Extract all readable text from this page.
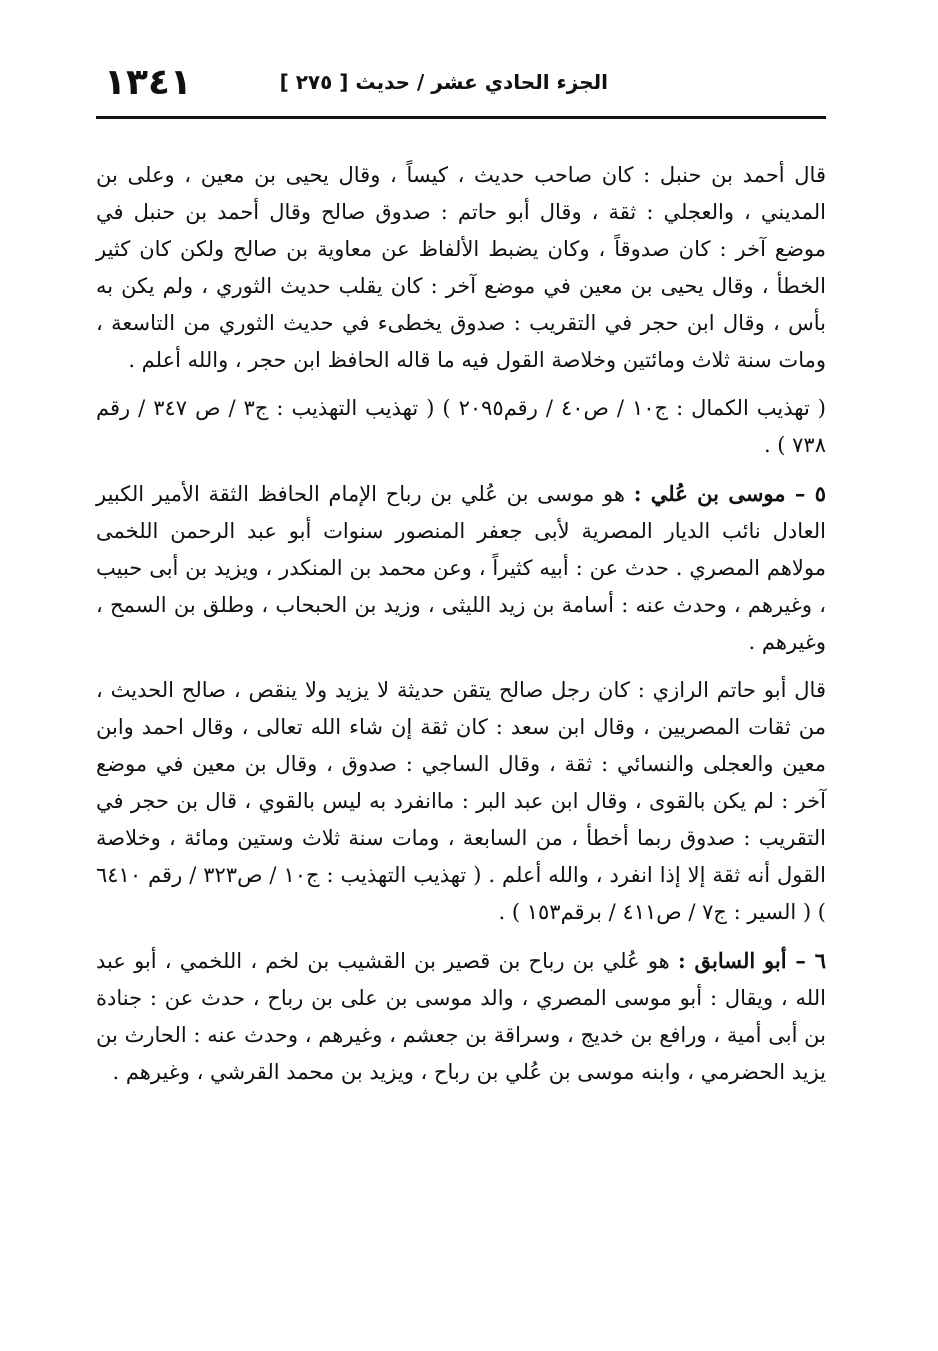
الجزء الحادي عشر / حديث [ ٢٧٥ ]
١٣٤١

قال أحمد بن حنبل : كان صاحب حديث ، كيساً ، وقال يحيى بن معين ، وعلى بن المديني ، والعجلي : ثقة ، وقال أبو حاتم : صدوق صالح وقال أحمد بن حنبل في موضع آخر : كان صدوقاً ، وكان يضبط الألفاظ عن معاوية بن صالح ولكن كان كثير الخطأ ، وقال يحيى بن معين في موضع آخر : كان يقلب حديث الثوري ، ولم يكن به بأس ، وقال ابن حجر في التقريب : صدوق يخطىء في حديث الثوري من التاسعة ، ومات سنة ثلاث ومائتين وخلاصة القول فيه ما قاله الحافظ ابن حجر ، والله أعلم .

( تهذيب الكمال : ج١٠ / ص٤٠ / رقم٢٠٩٥ ) ( تهذيب التهذيب : ج٣ / ص ٣٤٧ / رقم ٧٣٨ ) .

٥ – موسى بن عُلي : هو موسى بن عُلي بن رباح الإمام الحافظ الثقة الأمير الكبير العادل نائب الديار المصرية لأبى جعفر المنصور سنوات أبو عبد الرحمن اللخمى مولاهم المصري . حدث عن : أبيه كثيراً ، وعن محمد بن المنكدر ، ويزيد بن أبى حبيب ، وغيرهم ، وحدث عنه : أسامة بن زيد الليثى ، وزيد بن الحبحاب ، وطلق بن السمح ، وغيرهم .

قال أبو حاتم الرازي : كان رجل صالح يتقن حديثة لا يزيد ولا ينقص ، صالح الحديث ، من ثقات المصريين ، وقال ابن سعد : كان ثقة إن شاء الله تعالى ، وقال احمد وابن معين والعجلى والنسائي : ثقة ، وقال الساجي : صدوق ، وقال بن معين في موضع آخر : لم يكن بالقوى ، وقال ابن عبد البر : ماانفرد به ليس بالقوي ، قال بن حجر في التقريب : صدوق ربما أخطأ ، من السابعة ، ومات سنة ثلاث وستين ومائة ، وخلاصة القول أنه ثقة إلا إذا انفرد ، والله أعلم . ( تهذيب التهذيب : ج١٠ / ص٣٢٣ / رقم ٦٤١٠ ) ( السير : ج٧ / ص٤١١ / برقم١٥٣ ) .

٦ – أبو السابق : هو عُلي بن رباح بن قصير بن القشيب بن لخم ، اللخمي ، أبو عبد الله ، ويقال : أبو موسى المصري ، والد موسى بن على بن رباح ، حدث عن : جنادة بن أبى أمية ، ورافع بن خديج ، وسراقة بن جعشم ، وغيرهم ، وحدث عنه : الحارث بن يزيد الحضرمي ، وابنه موسى بن عُلي بن رباح ، ويزيد بن محمد القرشي ، وغيرهم .
